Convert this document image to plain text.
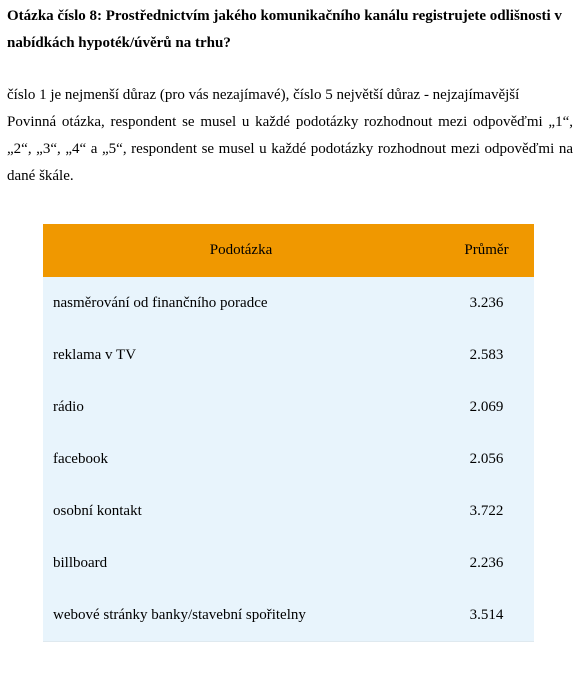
Otázka číslo 8: Prostřednictvím jakého komunikačního kanálu registrujete odlišnosti v nabídkách hypoték/úvěrů na trhu?

číslo 1 je nejmenší důraz (pro vás nezajímavé), číslo 5 největší důraz - nejzajímavější

Povinná otázka, respondent se musel u každé podotázky rozhodnout mezi odpověďmi „1“, „2“, „3“, „4“ a „5“, respondent se musel u každé podotázky rozhodnout mezi odpověďmi na dané škále.

Podotázka	Průměr
nasměrování od finančního poradce	3.236
reklama v TV	2.583
rádio	2.069
facebook	2.056
osobní kontakt	3.722
billboard	2.236
webové stránky banky/stavební spořitelny	3.514
